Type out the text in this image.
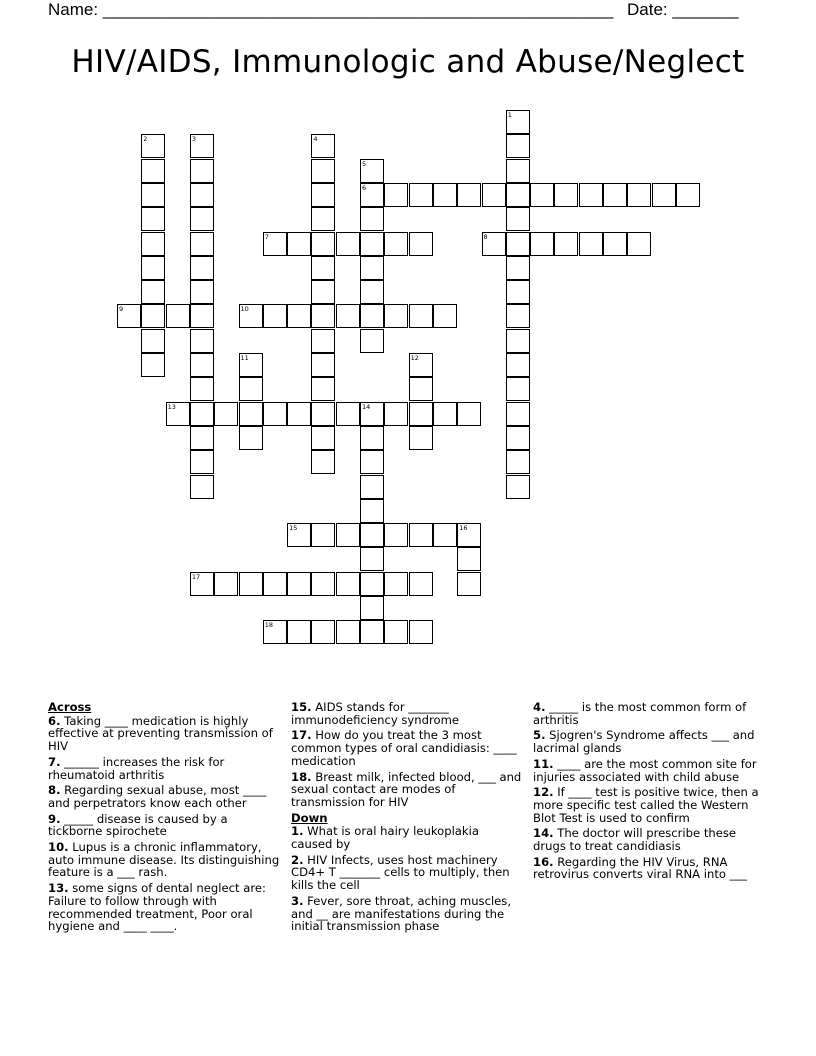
Name: ______________________________________________________ Date: _______
HIV/AIDS, Immunologic and Abuse/Neglect
6
7	8
9	10
13	14
15	16
17
18
1
2	3	4
5
11	12
Across
6. Taking ____ medication is highly effective at preventing transmission of HIV
7. ______ increases the risk for rheumatoid arthritis
8. Regarding sexual abuse, most ____ and perpetrators know each other
9. _____ disease is caused by a tickborne spirochete
10. Lupus is a chronic inflammatory, auto immune disease. Its distinguishing feature is a ___ rash.
13. some signs of dental neglect are: Failure to follow through with recommended treatment, Poor oral hygiene and ____ ____.
15. AIDS stands for _______ immunodeficiency syndrome
17. How do you treat the 3 most common types of oral candidiasis: ____ medication
18. Breast milk, infected blood, ___ and sexual contact are modes of transmission for HIV
Down
1. What is oral hairy leukoplakia caused by
2. HIV Infects, uses host machinery CD4+ T _______ cells to multiply, then kills the cell
3. Fever, sore throat, aching muscles, and __ are manifestations during the initial transmission phase
4. _____ is the most common form of arthritis
5. Sjogren's Syndrome affects ___ and lacrimal glands
11. ____ are the most common site for injuries associated with child abuse
12. If ____ test is positive twice, then a more specific test called the Western Blot Test is used to confirm
14. The doctor will prescribe these drugs to treat candidiasis
16. Regarding the HIV Virus, RNA retrovirus converts viral RNA into ___
